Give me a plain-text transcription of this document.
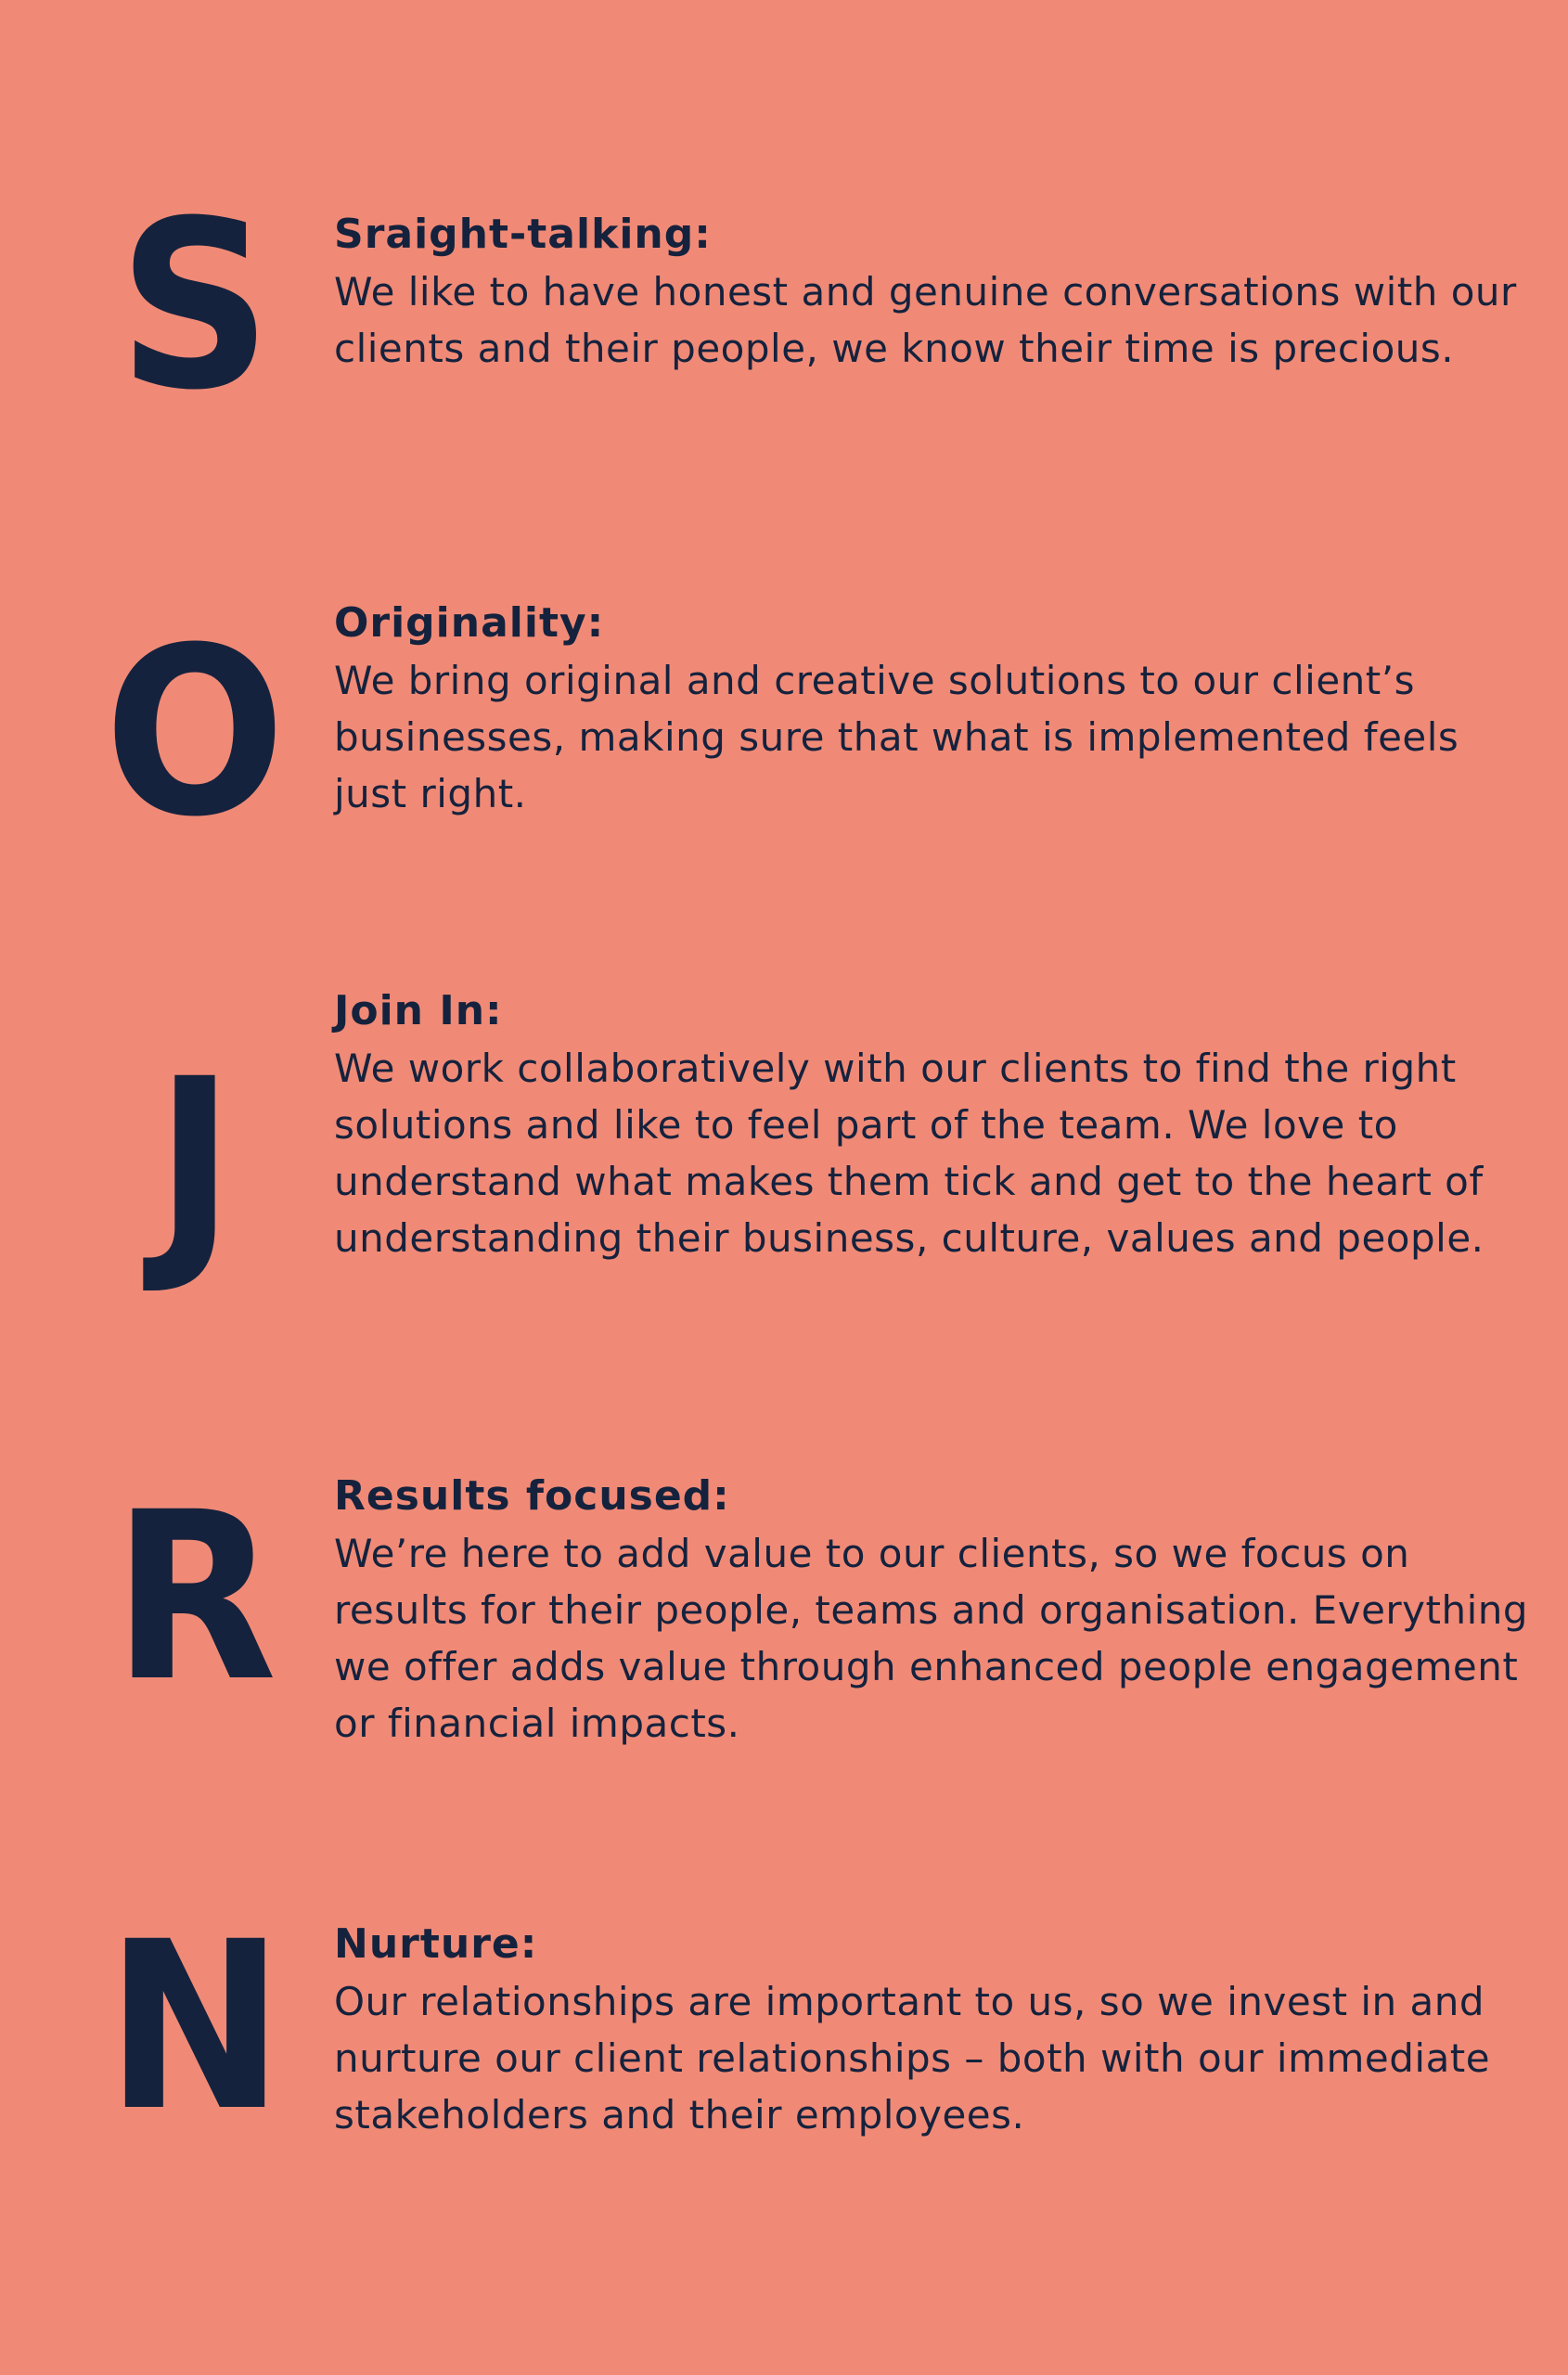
S	Sraight-talking:

We like to have honest and genuine conversations with our clients and their people, we know their time is precious.

O	Originality:

We bring original and creative solutions to our client’s businesses, making sure that what is implemented feels just right.

J

Join In:

We work collaboratively with our clients to find the right solutions and like to feel part of the team. We love to understand what makes them tick and get to the heart of understanding their business, culture, values and people.

R	Results focused:

We’re here to add value to our clients, so we focus on results for their people, teams and organisation. Everything we offer adds value through enhanced people engagement or financial impacts.

N	Nurture:

Our relationships are important to us, so we invest in and nurture our client relationships – both with our immediate stakeholders and their employees.
